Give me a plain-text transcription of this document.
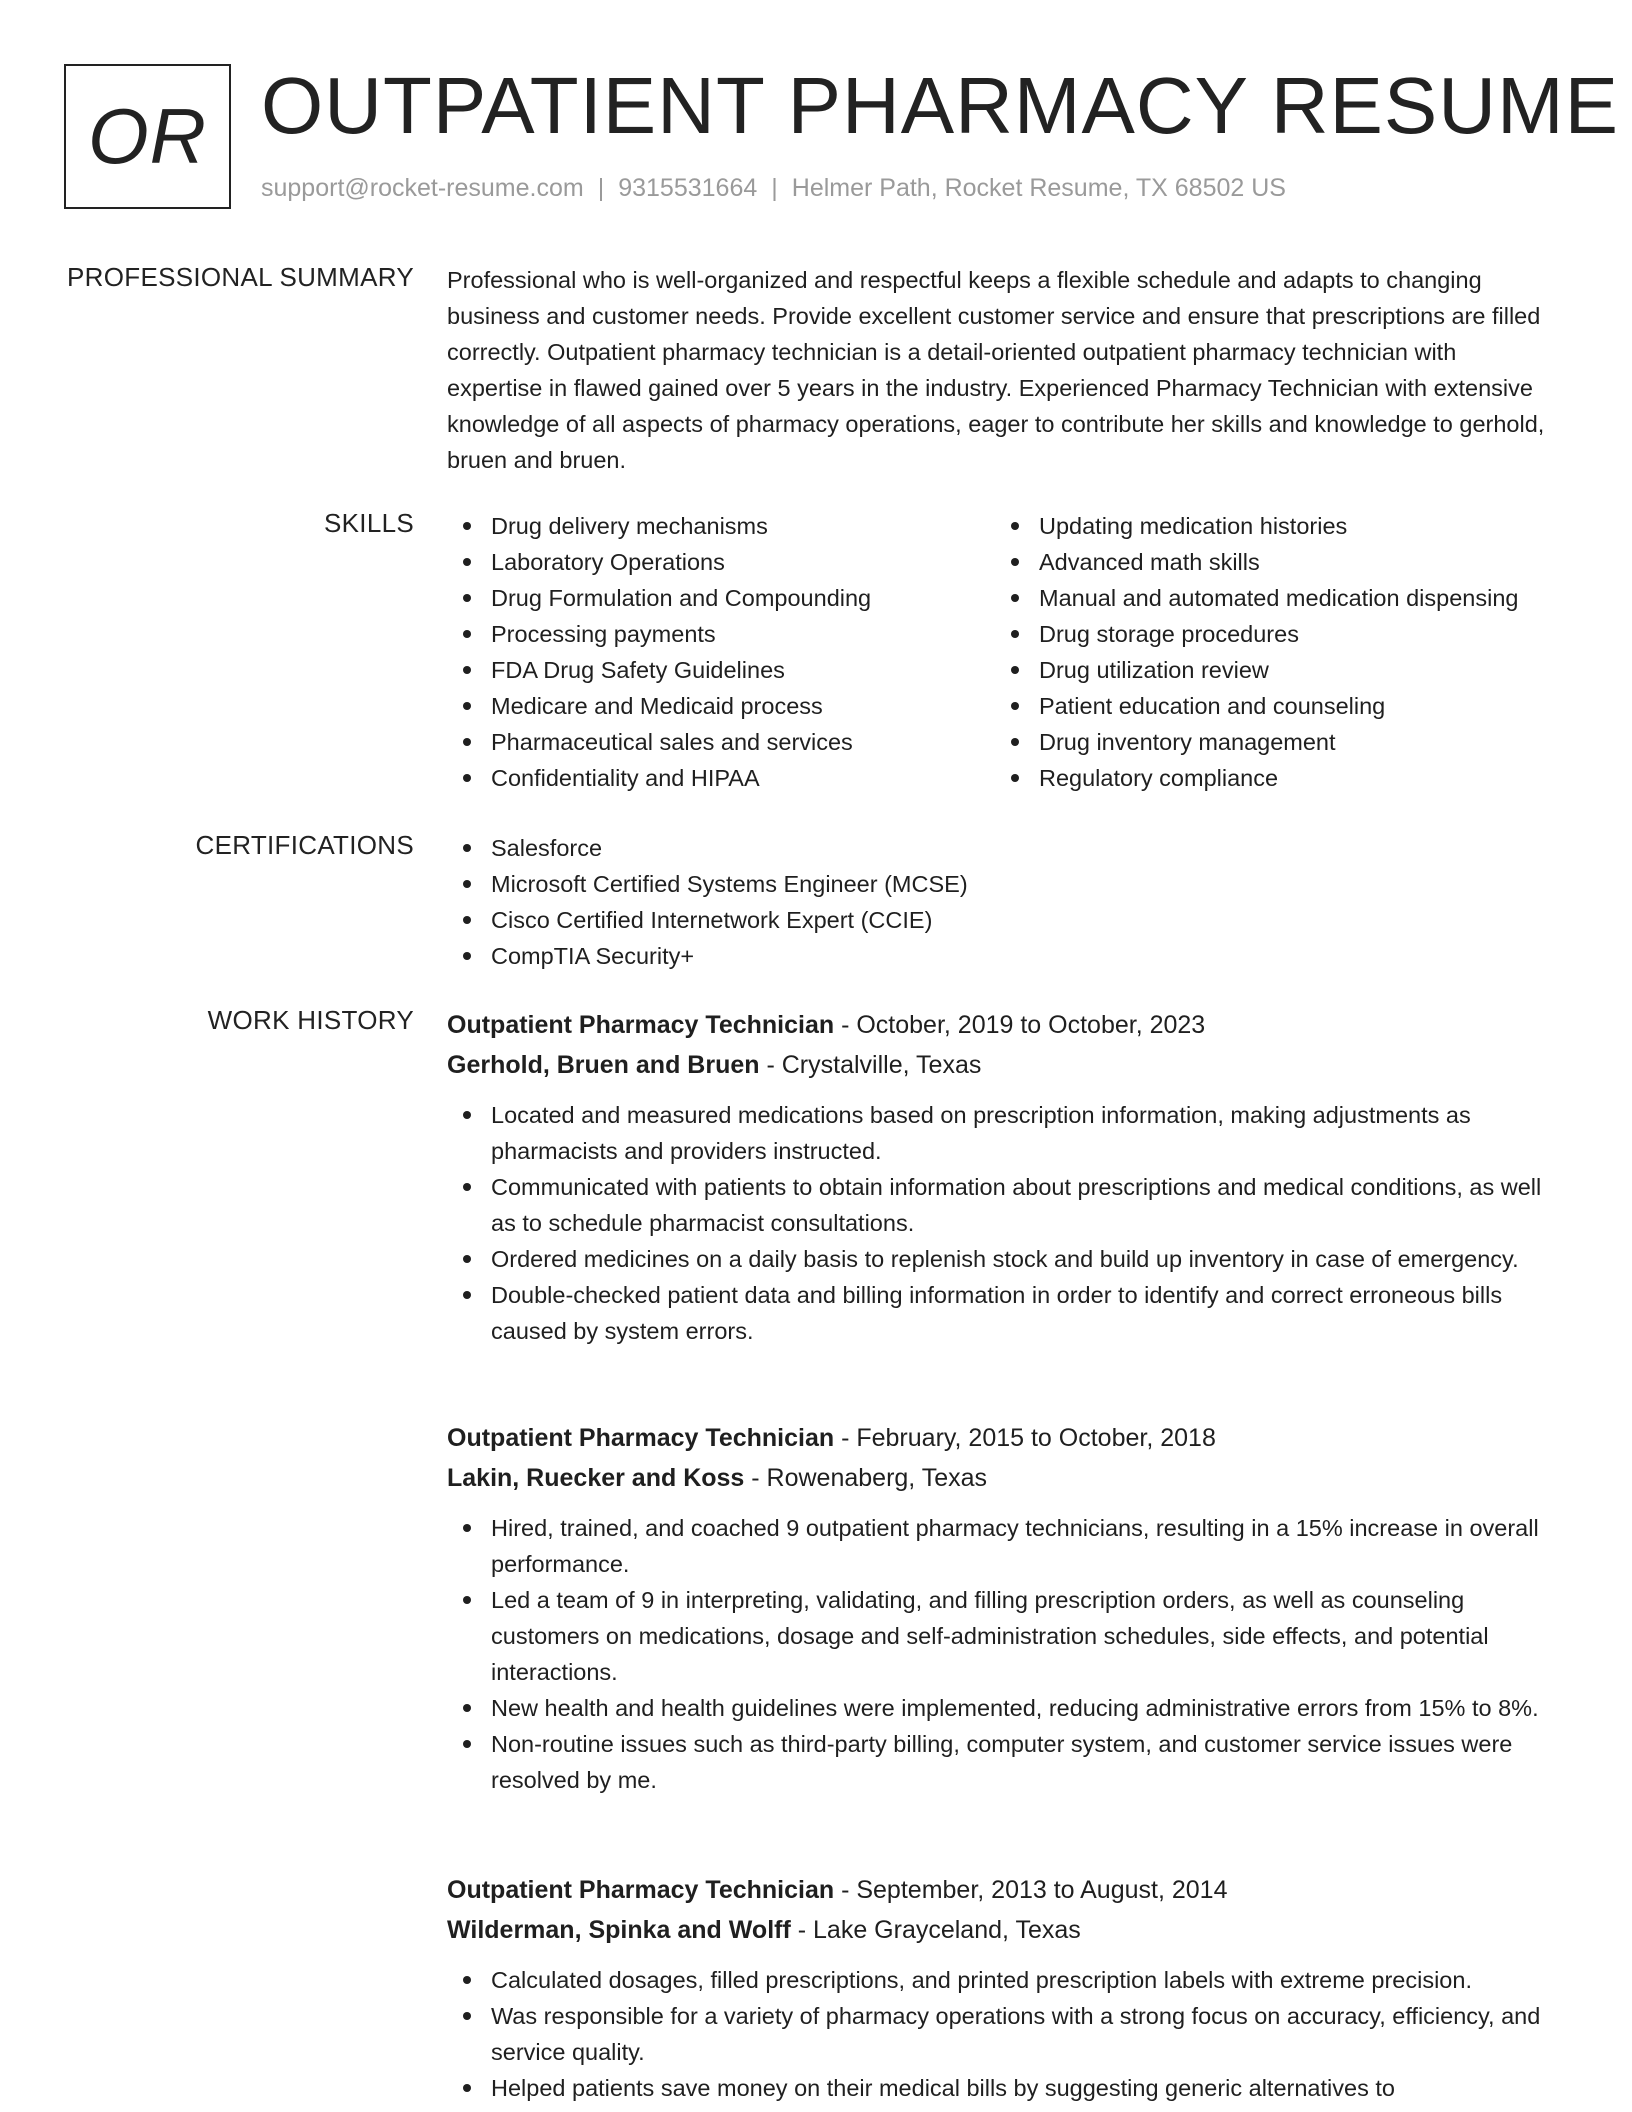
OR OUTPATIENT PHARMACY RESUME
support@rocket-resume.com | 9315531664 | Helmer Path, Rocket Resume, TX 68502 US
PROFESSIONAL SUMMARY Professional who is well-organized and respectful keeps a flexible schedule and adapts to changing business and customer needs. Provide excellent customer service and ensure that prescriptions are filled correctly. Outpatient pharmacy technician is a detail-oriented outpatient pharmacy technician with expertise in flawed gained over 5 years in the industry. Experienced Pharmacy Technician with extensive knowledge of all aspects of pharmacy operations, eager to contribute her skills and knowledge to gerhold, bruen and bruen.

SKILLS	Drug delivery mechanisms
Laboratory Operations
Drug Formulation and Compounding
Processing payments
FDA Drug Safety Guidelines
Medicare and Medicaid process
Pharmaceutical sales and services
Confidentiality and HIPAA
Updating medication histories
Advanced math skills
Manual and automated medication dispensing
Drug storage procedures
Drug utilization review
Patient education and counseling
Drug inventory management
Regulatory compliance
CERTIFICATIONS	Salesforce
Microsoft Certified Systems Engineer (MCSE)
Cisco Certified Internetwork Expert (CCIE)
CompTIA Security+
WORK HISTORY Outpatient Pharmacy Technician - October, 2019 to October, 2023
Gerhold, Bruen and Bruen - Crystalville, Texas
Located and measured medications based on prescription information, making adjustments as pharmacists and providers instructed.
Communicated with patients to obtain information about prescriptions and medical conditions, as well as to schedule pharmacist consultations.
Ordered medicines on a daily basis to replenish stock and build up inventory in case of emergency.
Double-checked patient data and billing information in order to identify and correct erroneous bills caused by system errors.
Outpatient Pharmacy Technician - February, 2015 to October, 2018
Lakin, Ruecker and Koss - Rowenaberg, Texas
Hired, trained, and coached 9 outpatient pharmacy technicians, resulting in a 15% increase in overall performance.
Led a team of 9 in interpreting, validating, and filling prescription orders, as well as counseling customers on medications, dosage and self-administration schedules, side effects, and potential interactions.
New health and health guidelines were implemented, reducing administrative errors from 15% to 8%.
Non-routine issues such as third-party billing, computer system, and customer service issues were resolved by me.
Outpatient Pharmacy Technician - September, 2013 to August, 2014
Wilderman, Spinka and Wolff - Lake Grayceland, Texas
Calculated dosages, filled prescriptions, and printed prescription labels with extreme precision.
Was responsible for a variety of pharmacy operations with a strong focus on accuracy, efficiency, and service quality.
Helped patients save money on their medical bills by suggesting generic alternatives to
